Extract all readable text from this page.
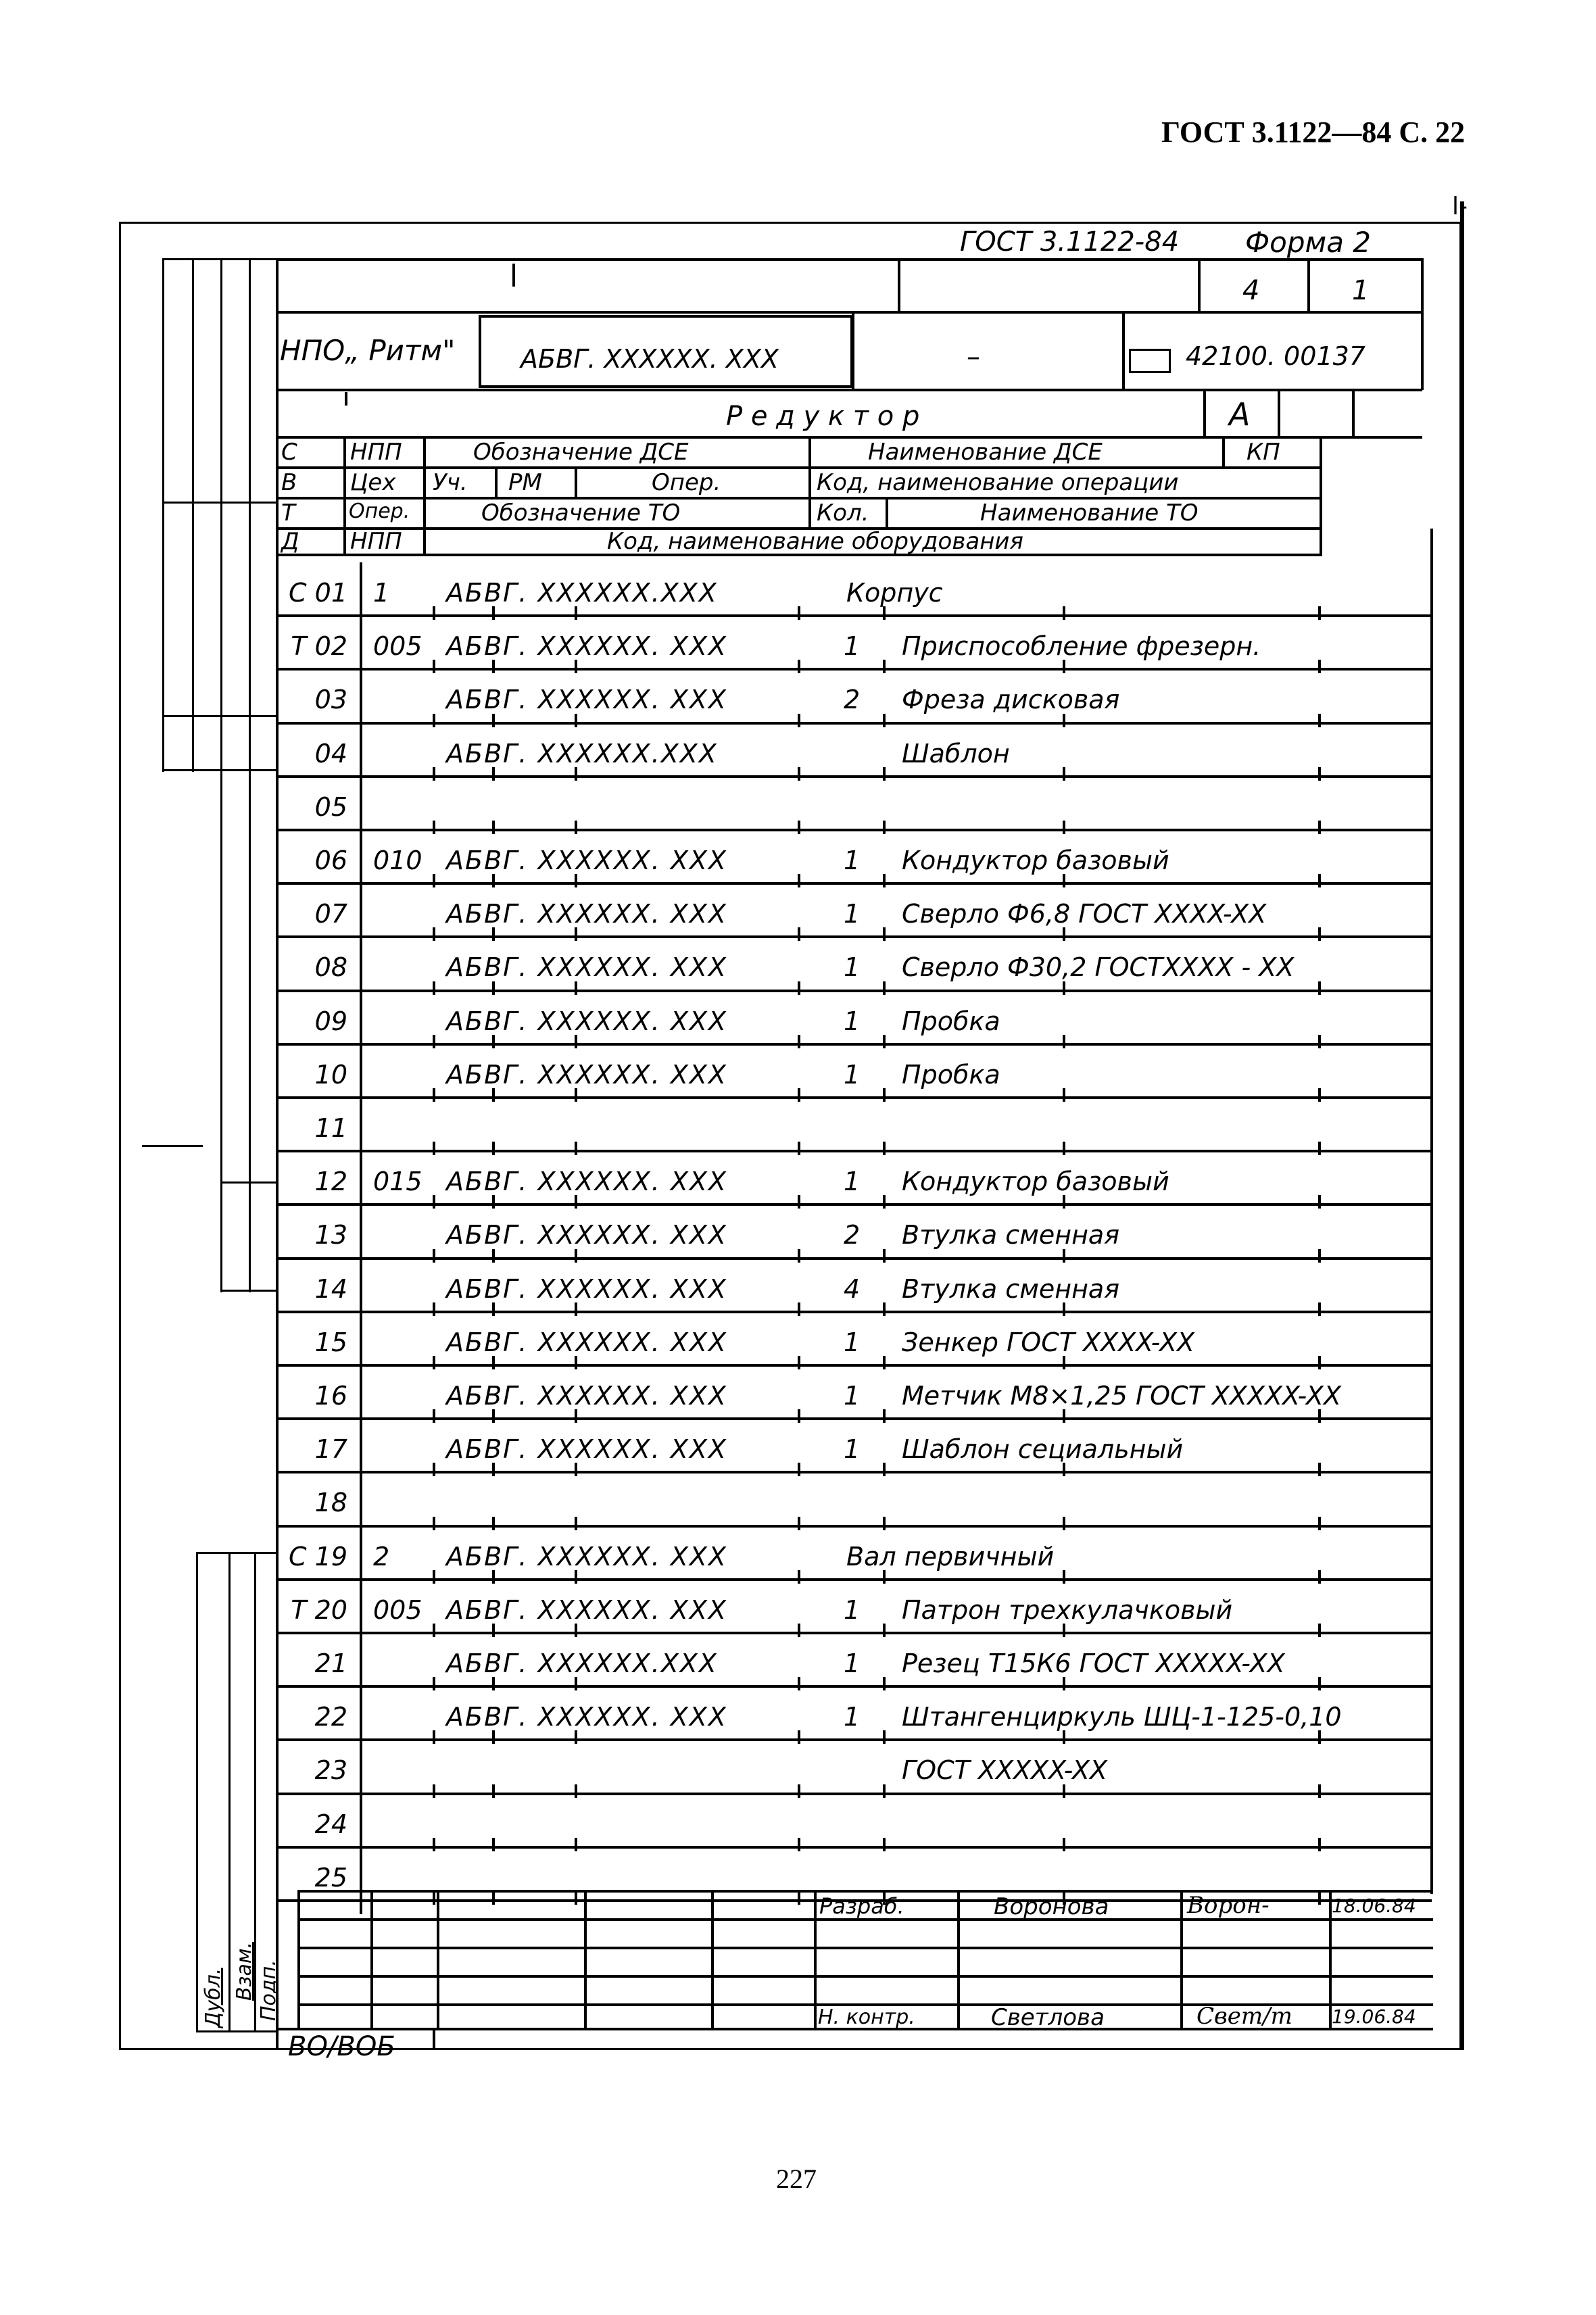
ГОСТ 3.1122—84 С. 22
l-
ГОСТ 3.1122-84 Форма 2
4	1
НПО„ Ритм"	АБВГ. XXXXXX. XXX	–	42100. 00137
Р е д у к т о р	А
С НПП	Обозначение ДСЕ	Наименование ДСЕ	КП
В Цех Уч. РМ	Опер.	Код, наименование операции
Т	Опер.	Обозначение ТО	Кол.	Наименование ТО
Д НПП	Код, наименование оборудования
С 01 1 АБВГ. XXXXXX.XXX	Корпус
Т 02 005 АБВГ. XXXXXX. XXX	1 Приспособление фрезерн.
03	АБВГ. XXXXXX. XXX	2 Фреза дисковая
04	АБВГ. XXXXXX.XXX	Шаблон
05
06 010 АБВГ. XXXXXX. XXX	1 Кондуктор базовый
07	АБВГ. XXXXXX. XXX	1 Сверло Ф6,8 ГОСТ XXXX-XX
08	АБВГ. XXXXXX. XXX	1 Сверло Ф30,2 ГОСТXXXX - XX
09	АБВГ. XXXXXX. XXX	1 Пробка
10	АБВГ. XXXXXX. XXX	1 Пробка
11
12 015 АБВГ. XXXXXX. XXX	1 Кондуктор базовый
13	АБВГ. XXXXXX. XXX	2 Втулка сменная
14	АБВГ. XXXXXX. XXX	4 Втулка сменная
15	АБВГ. XXXXXX. XXX	1 Зенкер ГОСТ XXXX-XX
16	АБВГ. XXXXXX. XXX	1 Метчик М8×1,25 ГОСТ XXXXX-XX
17	АБВГ. XXXXXX. XXX	1 Шаблон сециальный
18
С 19 2 АБВГ. XXXXXX. XXX	Вал первичный
Т 20 005 АБВГ. XXXXXX. XXX	1 Патрон трехкулачковый
21	АБВГ. XXXXXX.XXX	1 Резец Т15К6 ГОСТ XXXXX-XX
22	АБВГ. XXXXXX. XXX	1 Штангенциркуль ШЦ-1-125-0,10
23	ГОСТ XXXXX-XX
24
25
Разраб.	Воронова	Ворон-	18.06.84
Н. контр.	Светлова	Свет/т 19.06.84
Дубл. Взам. Подп.
ВО/ВОБ
227
